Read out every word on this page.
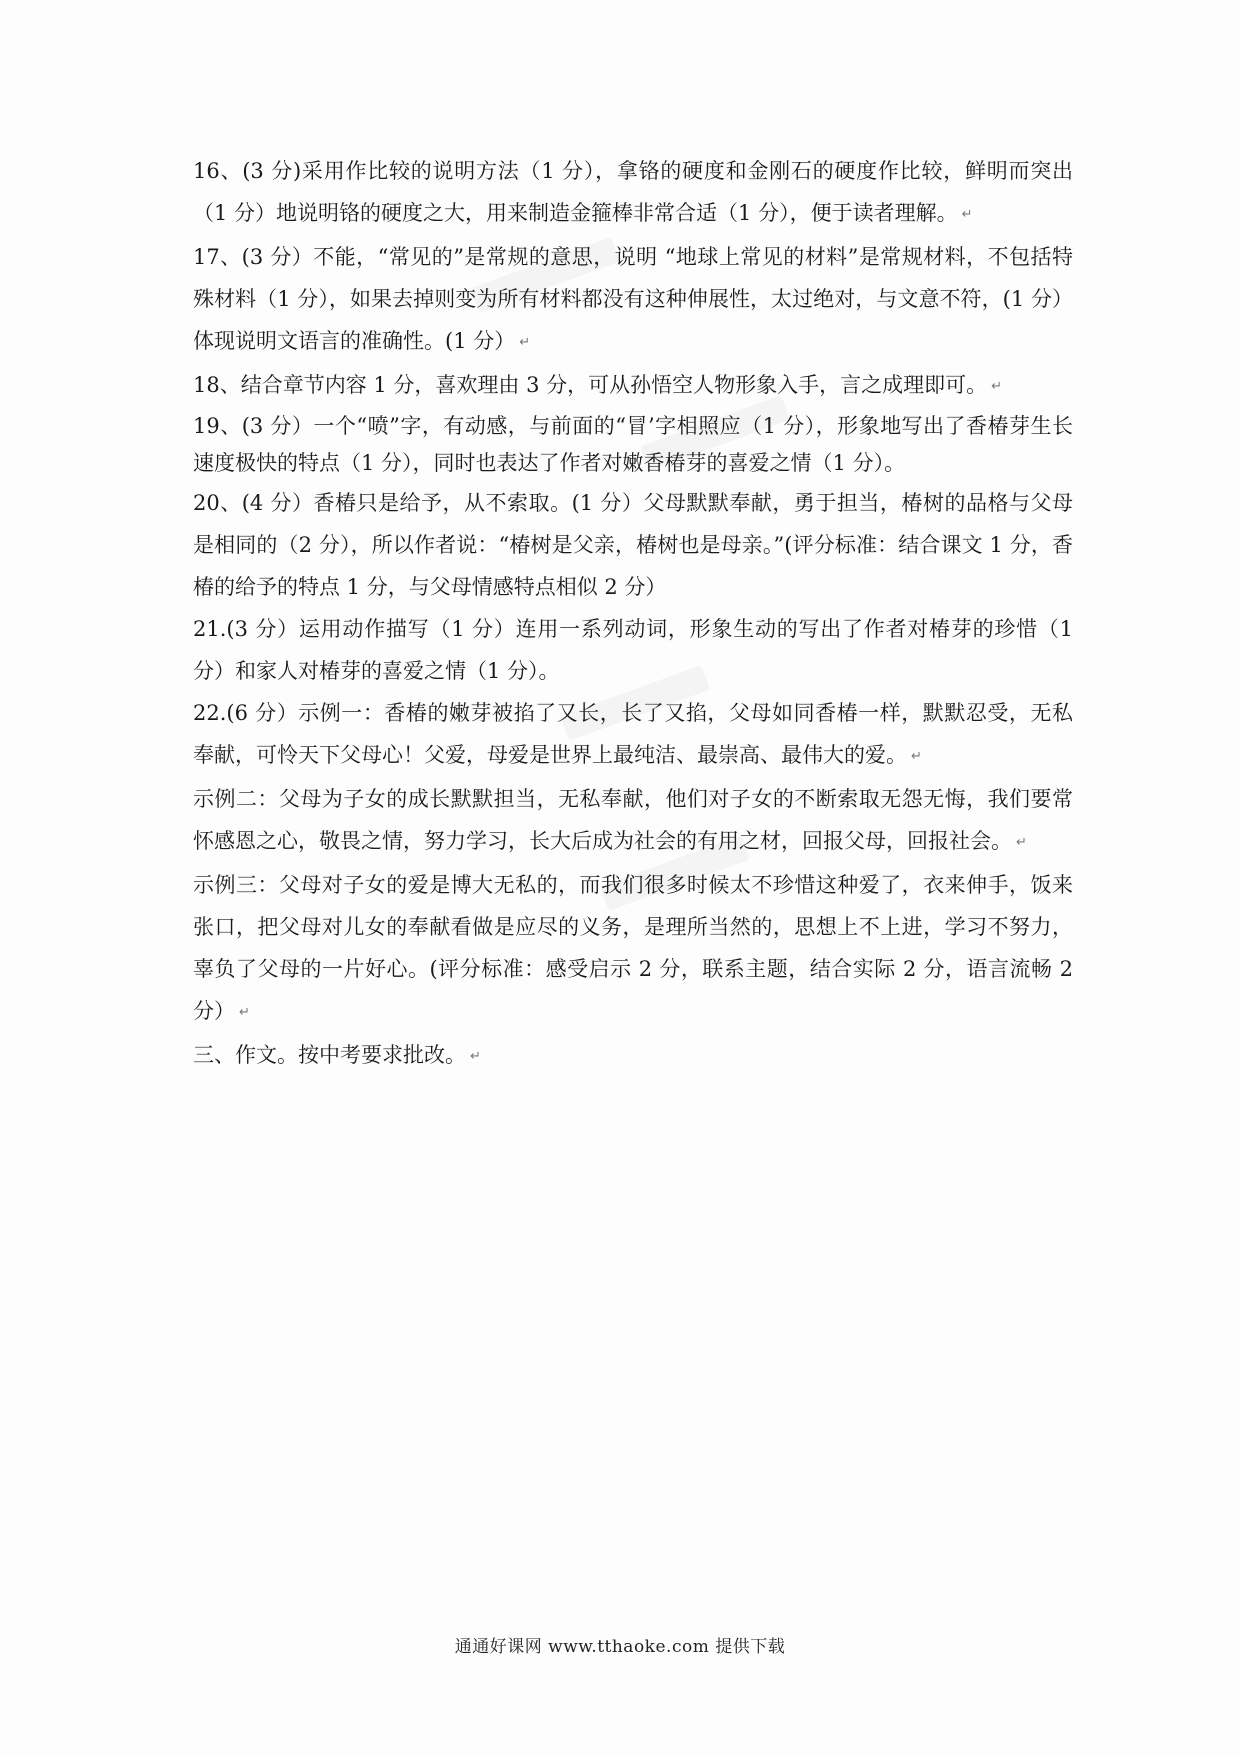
16、(3 分)采用作比较的说明方法（1 分），拿铬的硬度和金刚石的硬度作比较，鲜明而突出（1 分）地说明铬的硬度之大，用来制造金箍棒非常合适（1 分），便于读者理解。 ↵

17、(3 分）不能，“常见的”是常规的意思，说明 “地球上常见的材料”是常规材料，不包括特殊材料（1 分），如果去掉则变为所有材料都没有这种伸展性，太过绝对，与文意不符，(1 分）体现说明文语言的准确性。(1 分） ↵

18、结合章节内容 1 分，喜欢理由 3 分，可从孙悟空人物形象入手，言之成理即可。 ↵

19、(3 分）一个“喷”字，有动感，与前面的“冒’字相照应（1 分），形象地写出了香椿芽生长速度极快的特点（1 分），同时也表达了作者对嫩香椿芽的喜爱之情（1 分）。

20、(4 分）香椿只是给予，从不索取。(1 分）父母默默奉献，勇于担当，椿树的品格与父母是相同的（2 分），所以作者说：“椿树是父亲，椿树也是母亲。”(评分标准：结合课文 1 分，香椿的给予的特点 1 分，与父母情感特点相似 2 分）

21.(3 分）运用动作描写（1 分）连用一系列动词，形象生动的写出了作者对椿芽的珍惜（1 分）和家人对椿芽的喜爱之情（1 分）。

22.(6 分）示例一：香椿的嫩芽被掐了又长，长了又掐，父母如同香椿一样，默默忍受，无私奉献，可怜天下父母心！父爱，母爱是世界上最纯洁、最崇高、最伟大的爱。 ↵

示例二：父母为子女的成长默默担当，无私奉献，他们对子女的不断索取无怨无悔，我们要常怀感恩之心，敬畏之情，努力学习，长大后成为社会的有用之材，回报父母，回报社会。 ↵

示例三：父母对子女的爱是博大无私的，而我们很多时候太不珍惜这种爱了，衣来伸手，饭来张口，把父母对儿女的奉献看做是应尽的义务，是理所当然的，思想上不上进，学习不努力，辜负了父母的一片好心。(评分标准：感受启示 2 分，联系主题，结合实际 2 分，语言流畅 2 分） ↵

三、作文。按中考要求批改。 ↵

通通好课网 www.tthaoke.com 提供下载
